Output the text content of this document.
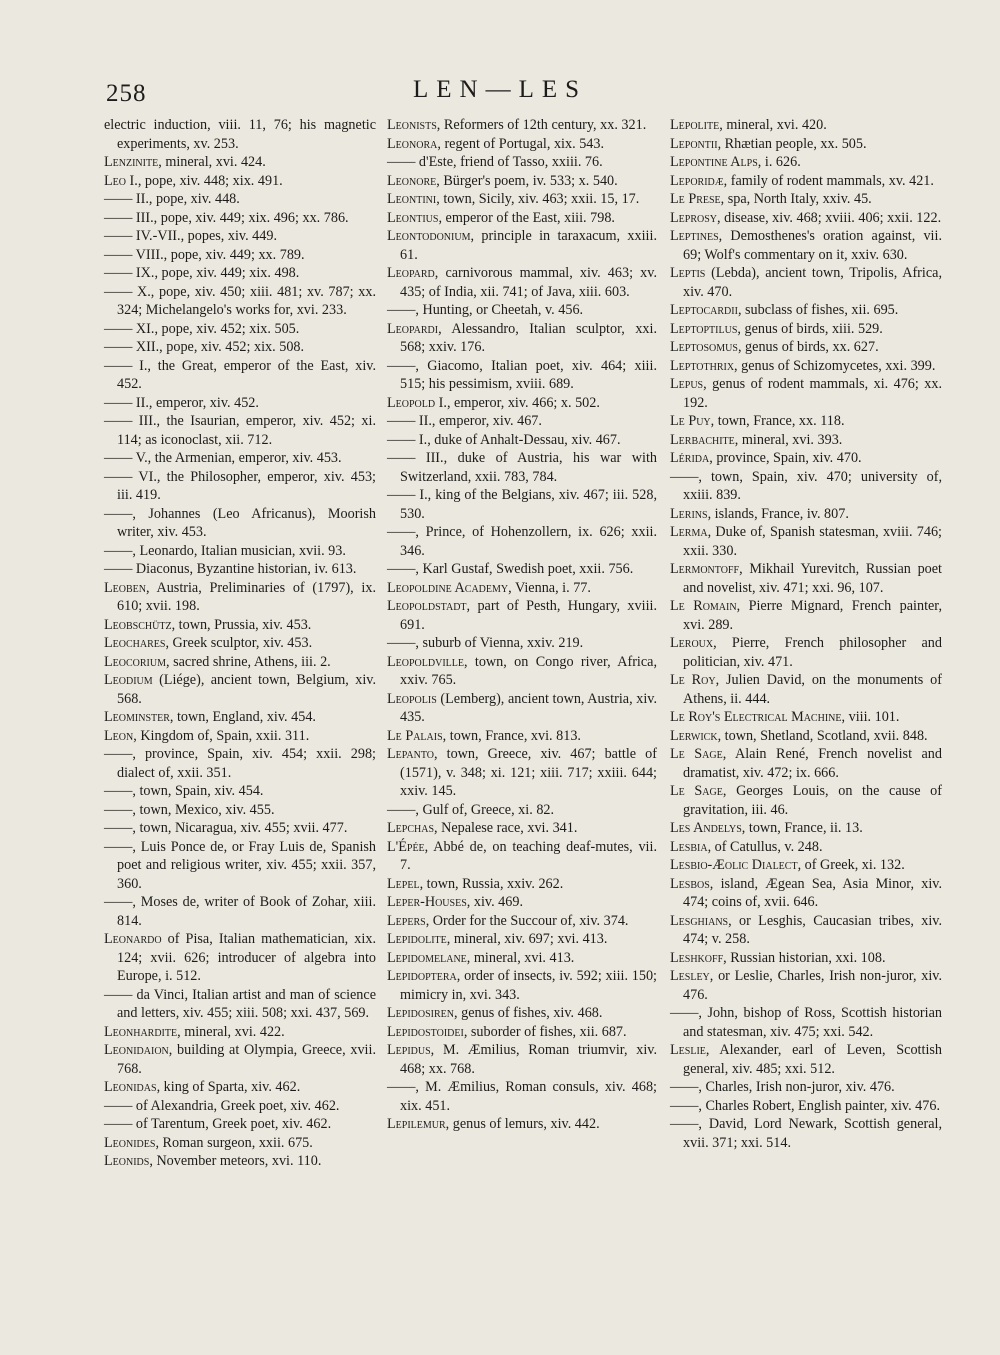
258	LEN—LES

electric induction, viii. 11, 76; his magnetic experiments, xv. 253.

Lenzinite, mineral, xvi. 424.

Leo I., pope, xiv. 448; xix. 491.

—— II., pope, xiv. 448.

—— III., pope, xiv. 449; xix. 496; xx. 786.

—— IV.-VII., popes, xiv. 449.

—— VIII., pope, xiv. 449; xx. 789.

—— IX., pope, xiv. 449; xix. 498.

—— X., pope, xiv. 450; xiii. 481; xv. 787; xx. 324; Michelangelo's works for, xvi. 233.

—— XI., pope, xiv. 452; xix. 505.

—— XII., pope, xiv. 452; xix. 508.

—— I., the Great, emperor of the East, xiv. 452.

—— II., emperor, xiv. 452.

—— III., the Isaurian, emperor, xiv. 452; xi. 114; as iconoclast, xii. 712.

—— V., the Armenian, emperor, xiv. 453.

—— VI., the Philosopher, emperor, xiv. 453; iii. 419.

——, Johannes (Leo Africanus), Moorish writer, xiv. 453.

——, Leonardo, Italian musician, xvii. 93.

—— Diaconus, Byzantine historian, iv. 613.

Leoben, Austria, Preliminaries of (1797), ix. 610; xvii. 198.

Leobschütz, town, Prussia, xiv. 453.

Leochares, Greek sculptor, xiv. 453.

Leocorium, sacred shrine, Athens, iii. 2.

Leodium (Liége), ancient town, Belgium, xiv. 568.

Leominster, town, England, xiv. 454.

Leon, Kingdom of, Spain, xxii. 311.

——, province, Spain, xiv. 454; xxii. 298; dialect of, xxii. 351.

——, town, Spain, xiv. 454.

——, town, Mexico, xiv. 455.

——, town, Nicaragua, xiv. 455; xvii. 477.

——, Luis Ponce de, or Fray Luis de, Spanish poet and religious writer, xiv. 455; xxii. 357, 360.

——, Moses de, writer of Book of Zohar, xiii. 814.

Leonardo of Pisa, Italian mathematician, xix. 124; xvii. 626; introducer of algebra into Europe, i. 512.

—— da Vinci, Italian artist and man of science and letters, xiv. 455; xiii. 508; xxi. 437, 569.

Leonhardite, mineral, xvi. 422.

Leonidaion, building at Olympia, Greece, xvii. 768.

Leonidas, king of Sparta, xiv. 462.

—— of Alexandria, Greek poet, xiv. 462.

—— of Tarentum, Greek poet, xiv. 462.

Leonides, Roman surgeon, xxii. 675.

Leonids, November meteors, xvi. 110.

Leonists, Reformers of 12th century, xx. 321.

Leonora, regent of Portugal, xix. 543.

—— d'Este, friend of Tasso, xxiii. 76.

Leonore, Bürger's poem, iv. 533; x. 540.

Leontini, town, Sicily, xiv. 463; xxii. 15, 17.

Leontius, emperor of the East, xiii. 798.

Leontodonium, principle in taraxacum, xxiii. 61.

Leopard, carnivorous mammal, xiv. 463; xv. 435; of India, xii. 741; of Java, xiii. 603.

——, Hunting, or Cheetah, v. 456.

Leopardi, Alessandro, Italian sculptor, xxi. 568; xxiv. 176.

——, Giacomo, Italian poet, xiv. 464; xiii. 515; his pessimism, xviii. 689.

Leopold I., emperor, xiv. 466; x. 502.

—— II., emperor, xiv. 467.

—— I., duke of Anhalt-Dessau, xiv. 467.

—— III., duke of Austria, his war with Switzerland, xxii. 783, 784.

—— I., king of the Belgians, xiv. 467; iii. 528, 530.

——, Prince, of Hohenzollern, ix. 626; xxii. 346.

——, Karl Gustaf, Swedish poet, xxii. 756.

Leopoldine Academy, Vienna, i. 77.

Leopoldstadt, part of Pesth, Hungary, xviii. 691.

——, suburb of Vienna, xxiv. 219.

Leopoldville, town, on Congo river, Africa, xxiv. 765.

Leopolis (Lemberg), ancient town, Austria, xiv. 435.

Le Palais, town, France, xvi. 813.

Lepanto, town, Greece, xiv. 467; battle of (1571), v. 348; xi. 121; xiii. 717; xxiii. 644; xxiv. 145.

——, Gulf of, Greece, xi. 82.

Lepchas, Nepalese race, xvi. 341.

L'Épée, Abbé de, on teaching deaf-mutes, vii. 7.

Lepel, town, Russia, xxiv. 262.

Leper-Houses, xiv. 469.

Lepers, Order for the Succour of, xiv. 374.

Lepidolite, mineral, xiv. 697; xvi. 413.

Lepidomelane, mineral, xvi. 413.

Lepidoptera, order of insects, iv. 592; xiii. 150; mimicry in, xvi. 343.

Lepidosiren, genus of fishes, xiv. 468.

Lepidostoidei, suborder of fishes, xii. 687.

Lepidus, M. Æmilius, Roman triumvir, xiv. 468; xx. 768.

——, M. Æmilius, Roman consuls, xiv. 468; xix. 451.

Lepilemur, genus of lemurs, xiv. 442.

Lepolite, mineral, xvi. 420.

Lepontii, Rhætian people, xx. 505.

Lepontine Alps, i. 626.

Leporidæ, family of rodent mammals, xv. 421.

Le Prese, spa, North Italy, xxiv. 45.

Leprosy, disease, xiv. 468; xviii. 406; xxii. 122.

Leptines, Demosthenes's oration against, vii. 69; Wolf's commentary on it, xxiv. 630.

Leptis (Lebda), ancient town, Tripolis, Africa, xiv. 470.

Leptocardii, subclass of fishes, xii. 695.

Leptoptilus, genus of birds, xiii. 529.

Leptosomus, genus of birds, xx. 627.

Leptothrix, genus of Schizomycetes, xxi. 399.

Lepus, genus of rodent mammals, xi. 476; xx. 192.

Le Puy, town, France, xx. 118.

Lerbachite, mineral, xvi. 393.

Lérida, province, Spain, xiv. 470.

——, town, Spain, xiv. 470; university of, xxiii. 839.

Lerins, islands, France, iv. 807.

Lerma, Duke of, Spanish statesman, xviii. 746; xxii. 330.

Lermontoff, Mikhail Yurevitch, Russian poet and novelist, xiv. 471; xxi. 96, 107.

Le Romain, Pierre Mignard, French painter, xvi. 289.

Leroux, Pierre, French philosopher and politician, xiv. 471.

Le Roy, Julien David, on the monuments of Athens, ii. 444.

Le Roy's Electrical Machine, viii. 101.

Lerwick, town, Shetland, Scotland, xvii. 848.

Le Sage, Alain René, French novelist and dramatist, xiv. 472; ix. 666.

Le Sage, Georges Louis, on the cause of gravitation, iii. 46.

Les Andelys, town, France, ii. 13.

Lesbia, of Catullus, v. 248.

Lesbio-Æolic Dialect, of Greek, xi. 132.

Lesbos, island, Ægean Sea, Asia Minor, xiv. 474; coins of, xvii. 646.

Lesghians, or Lesghis, Caucasian tribes, xiv. 474; v. 258.

Leshkoff, Russian historian, xxi. 108.

Lesley, or Leslie, Charles, Irish non-juror, xiv. 476.

——, John, bishop of Ross, Scottish historian and statesman, xiv. 475; xxi. 542.

Leslie, Alexander, earl of Leven, Scottish general, xiv. 485; xxi. 512.

——, Charles, Irish non-juror, xiv. 476.

——, Charles Robert, English painter, xiv. 476.

——, David, Lord Newark, Scottish general, xvii. 371; xxi. 514.
